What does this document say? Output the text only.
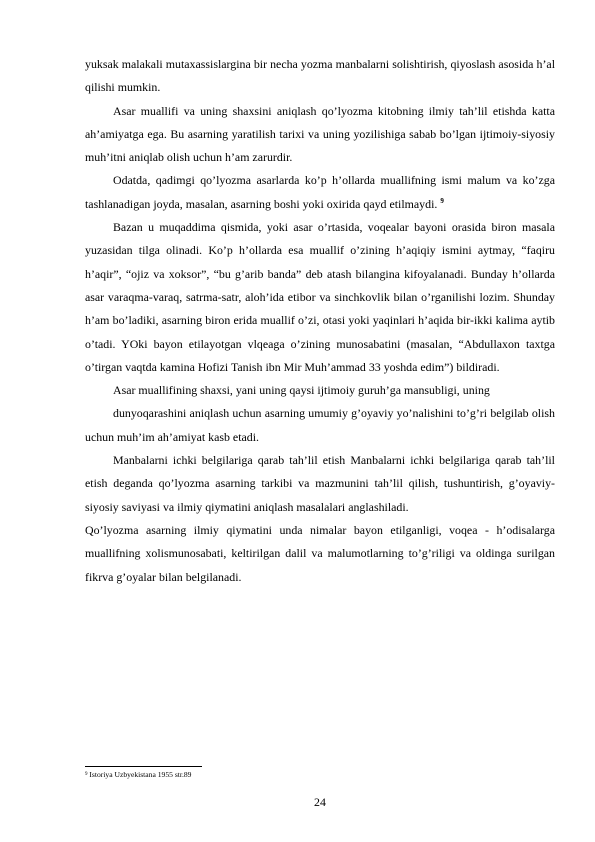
yuksak malakali mutaxassislargina bir necha yozma manbalarni solishtirish, qiyoslash asosida h’al qilishi mumkin.

Asar muallifi va uning shaxsini aniqlash qo’lyozma kitobning ilmiy tah’lil etishda katta ah’amiyatga ega. Bu asarning yaratilish tarixi va uning yozilishiga sabab bo’lgan ijtimoiy-siyosiy muh’itni aniqlab olish uchun h’am zarurdir.

Odatda, qadimgi qo’lyozma asarlarda ko’p h’ollarda muallifning ismi malum va ko’zga tashlanadigan joyda, masalan, asarning boshi yoki oxirida qayd etilmaydi. $^9$

Bazan u muqaddima qismida, yoki asar o’rtasida, voqealar bayoni orasida biron masala yuzasidan tilga olinadi. Ko’p h’ollarda esa muallif o’zining h’aqiqiy ismini aytmay, “faqiru h’aqir”, “ojiz va xoksor”, “bu g’arib banda” deb atash bilangina kifoyalanadi. Bunday h’ollarda asar varaqma-varaq, satrma-satr, aloh’ida etibor va sinchkovlik bilan o’rganilishi lozim. Shunday h’am bo’ladiki, asarning biron erida muallif o’zi, otasi yoki yaqinlari h’aqida bir-ikki kalima aytib o’tadi. YOki bayon etilayotgan vlqeaga o’zining munosabatini (masalan, “Abdullaxon taxtga o’tirgan vaqtda kamina Hofizi Tanish ibn Mir Muh’ammad 33 yoshda edim”) bildiradi.

Asar muallifining shaxsi, yani uning qaysi ijtimoiy guruh’ga mansubligi, uning

dunyoqarashini aniqlash uchun asarning umumiy g’oyaviy yo’nalishini to’g’ri belgilab olish uchun muh’im ah’amiyat kasb etadi.

Manbalarni ichki belgilariga qarab tah’lil etish Manbalarni ichki belgilariga qarab tah’lil etish deganda qo’lyozma asarning tarkibi va mazmunini tah’lil qilish, tushuntirish, g’oyaviy-siyosiy saviyasi va ilmiy qiymatini aniqlash masalalari anglashiladi.

Qo’lyozma asarning ilmiy qiymatini unda nimalar bayon etilganligi, voqea - h’odisalarga muallifning xolismunosabati, keltirilgan dalil va malumotlarning to’g’riligi va oldinga surilgan fikrva g’oyalar bilan belgilanadi.

$^9$ Istoriya Uzbyekistana 1955 str.89
24
